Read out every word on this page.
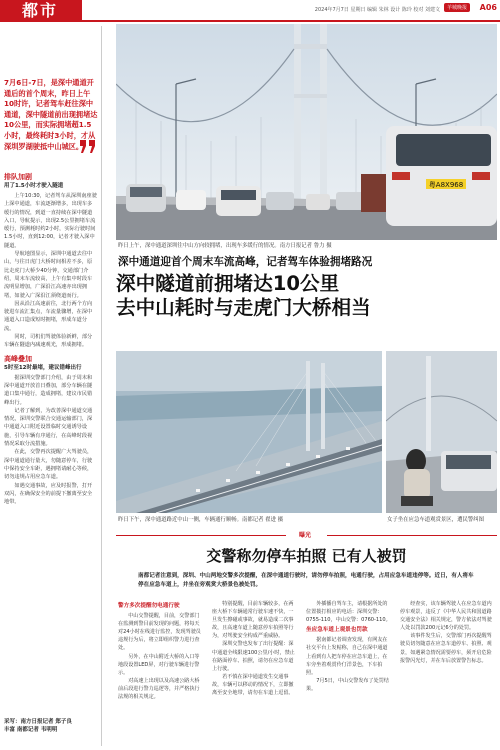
都市	2024年7月7日 星期日 编辑 朱林 设计 陈玲 校对 刘建文	羊城晚报	A06
7月6日-7日，是深中通道开通后的首个周末，昨日上午10时许，记者驾车赶往深中通道，深中隧道前出现拥堵达10公里，而实际拥堵超1.5小时，最终耗时3小时，才从深圳罗湖驶抵中山城区。
排队加剧
用了1.5小时才驶入隧道

上午10:30，记者驾车从深圳南座驶上深中通道，车流逐渐增多，出现车多缓行的情况，到道一直持续在深中隧道入口，导航提示，出现2.5公里拥堵车流缓行，预测耗时约2小时，实际行驶时间1.5小时，直到12:00，记者才驶入深中隧道。

导航地图显示，深圳中通道去往中山，与往日虎门大桥时间相差不多，原比走虎门大桥少40分钟，交通部门介绍，周末车流较高，上午有集中时段车流明显增加，广深沿江高速亦出现拥堵，如驶入广深沿江须绕道而行。

因从沿江高速前往，北行两个方向驶进车流汇集点，车流量骤增，在深中通道入口造成短时拥堵，形成车道分流。

同时，司机们驾驶体验新鲜，部分车辆在隧道内减速观光，形成拥堵。

高峰叠加
5时至12时最堵，建议错峰出行

据深圳交警部门介绍，由于周末和深中通道开放首日叠加，部分车辆在隧道口集中通行，造成拥堵，建议市民错峰出行。

记者了解到，为改善深中通道交通情况，深圳交警联合交通运输部门，深中通道入口附近设置临时交通诱导设施，引导车辆有序通行，在高峰时段视情况采取分流措施。

在此，交警再次提醒广大驾驶员，深中通道通行量大，勿随意停车，行驶中保持安全车距，遇拥堵请耐心等候，切勿违规占用应急车道。

如遇交通事故，应及时报警，打开双闪，在确保安全的前提下撤离至安全地带。

采写：南方日报记者 郑子良
丰富 南都记者 韦明明
粤A8X968
昨日上午，深中通道深圳往中山方向较拥堵，出现车多缓行的情况。南方日报记者 鲁力 摄
深中通道迎首个周末车流高峰，记者驾车体验拥堵路况
深中隧道前拥堵达10公里
去中山耗时与走虎门大桥相当
昨日下午，深中通道路近中山一侧，车辆通行顺畅。南都记者 翟进 摄	女子坐在应急车道观赏景区，遭民警纠图
曝光
交警称勿停车拍照 已有人被罚
南都记者注意到，深圳、中山两地交警多次提醒，在深中通道行驶时，请勿停车拍照，电通行驶，占用应急车道违停等。近日，有人将车停在应急车道上，并坐在旁观赏大桥景色被处罚。
警方多次提醒勿电通行驶

中山交警提醒，目前，交警部门在监测到警目前发现的问题，将每天对24小时在线进行监控，发现驾驶员违规行为后，将立即组织警力进行查处。

另外，在中山附近大桥的入口等地段设置LED屏，对行驶车辆进行警示。

对高速上出现以及高速公路大桥前后段进行警力巡逻等，并严格执行法规的相关规定。

特别提醒，目前车辆较多，在两座大桥下车辆通常行驶车速不快，一旦发生擦碰或事故，就易造成二次事故，且高速车道上随意停车拍照等行为，对驾驶安全构成严重威胁。

深圳交警也发布了出行提醒：深中通道全线限速100公里/小时，禁止在路面停车、拍照，请勿在应急车道上行驶。

若不慎在深中通道发生交通事故，车辆可以移动的情况下，立即撤离至安全地带，请勿在车道上逗留。

外插播自驾车主，请根据所处的位置拨打相应的电话：深圳交警：0755-110，中山交警：0760-110。

坐应急车道上观景也罚款

据南都记者调查发现，有网友在社交平台上发帖称，自己在深中通道上看到有人把车停在应急车道上，在车旁坐着观赏伶仃洋景色，下车拍照。

7月5日，中山交警发布了处罚结果。

经查实，该车辆驾驶人在应急车道内停车观景，违反了《中华人民共和国道路交通安全法》相关规定，警方依法对驾驶人处以罚款200元记6分的处罚。

该事件发生后，交警部门再次提醒驾驶员切勿随意在应急车道停车、拍照、观景，如遇紧急情况需要停车，须开启危险报警闪光灯，并在车后放置警告标志。
